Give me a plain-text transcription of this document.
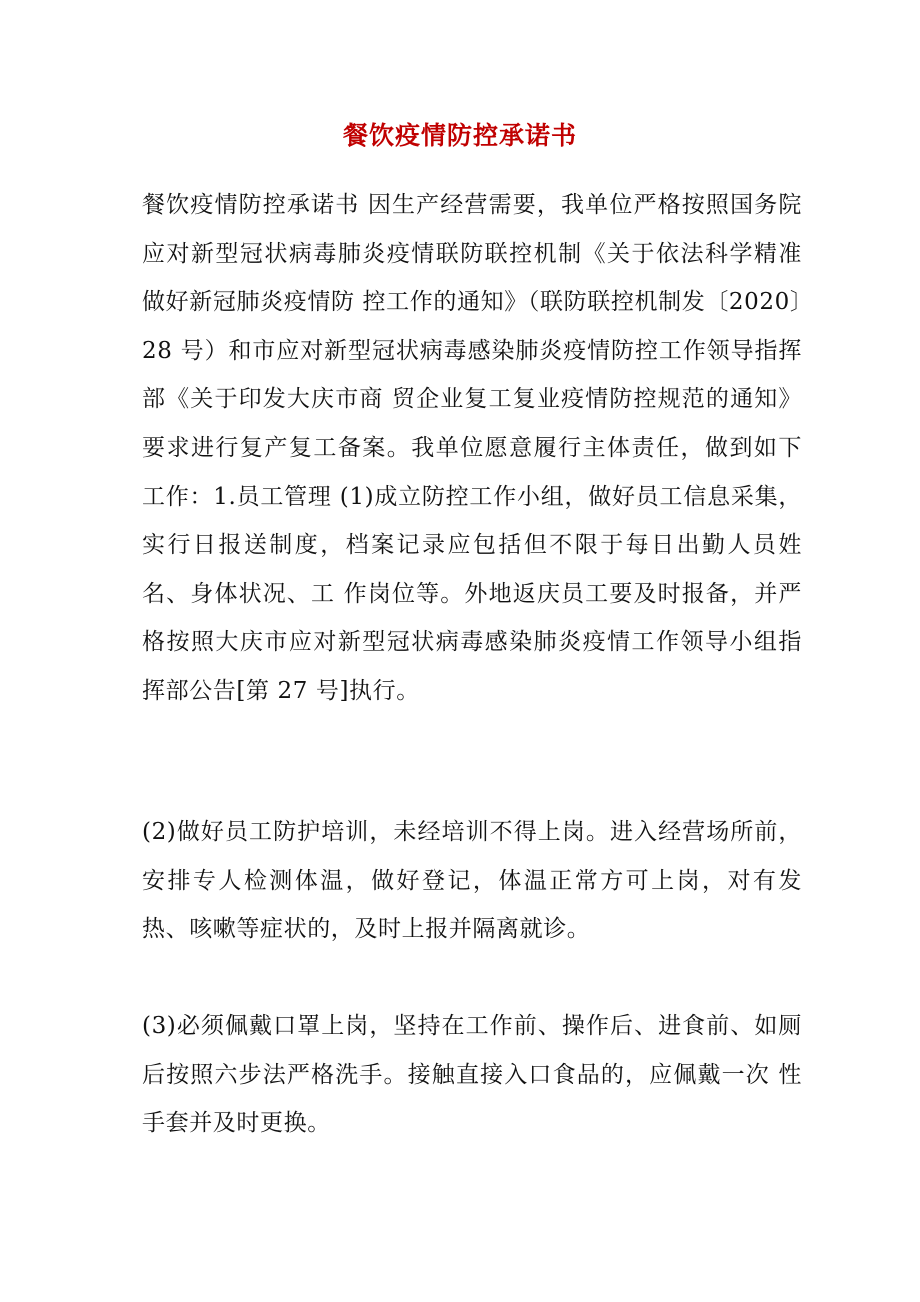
餐饮疫情防控承诺书

餐饮疫情防控承诺书 因生产经营需要，我单位严格按照国务院应对新型冠状病毒肺炎疫情联防联控机制《关于依法科学精准做好新冠肺炎疫情防 控工作的通知》（联防联控机制发〔2020〕28 号）和市应对新型冠状病毒感染肺炎疫情防控工作领导指挥部《关于印发大庆市商 贸企业复工复业疫情防控规范的通知》要求进行复产复工备案。我单位愿意履行主体责任，做到如下工作：1.员工管理 (1)成立防控工作小组，做好员工信息采集，实行日报送制度，档案记录应包括但不限于每日出勤人员姓名、身体状况、工 作岗位等。外地返庆员工要及时报备，并严格按照大庆市应对新型冠状病毒感染肺炎疫情工作领导小组指挥部公告[第 27 号]执行。

(2)做好员工防护培训，未经培训不得上岗。进入经营场所前，安排专人检测体温，做好登记，体温正常方可上岗，对有发 热、咳嗽等症状的，及时上报并隔离就诊。

(3)必须佩戴口罩上岗，坚持在工作前、操作后、进食前、如厕后按照六步法严格洗手。接触直接入口食品的，应佩戴一次 性手套并及时更换。
